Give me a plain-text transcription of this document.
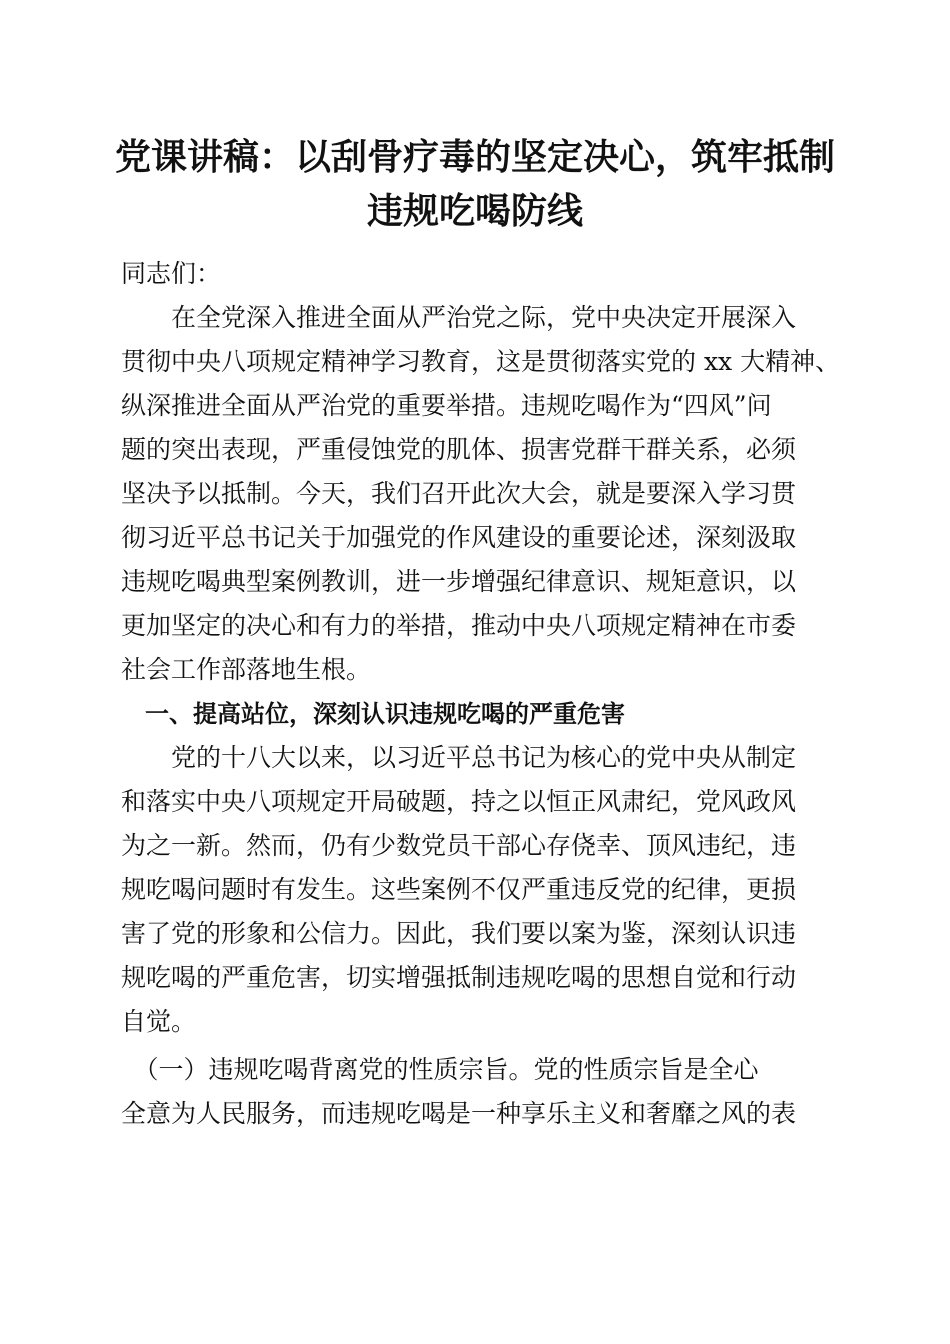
党课讲稿：以刮骨疗毒的坚定决心，筑牢抵制
违规吃喝防线

同志们：

　　在全党深入推进全面从严治党之际，党中央决定开展深入
贯彻中央八项规定精神学习教育，这是贯彻落实党的 xx 大精神、
纵深推进全面从严治党的重要举措。违规吃喝作为“四风”问
题的突出表现，严重侵蚀党的肌体、损害党群干群关系，必须
坚决予以抵制。今天，我们召开此次大会，就是要深入学习贯
彻习近平总书记关于加强党的作风建设的重要论述，深刻汲取
违规吃喝典型案例教训，进一步增强纪律意识、规矩意识，以
更加坚定的决心和有力的举措，推动中央八项规定精神在市委
社会工作部落地生根。

　一、提高站位，深刻认识违规吃喝的严重危害

　　党的十八大以来，以习近平总书记为核心的党中央从制定
和落实中央八项规定开局破题，持之以恒正风肃纪，党风政风
为之一新。然而，仍有少数党员干部心存侥幸、顶风违纪，违
规吃喝问题时有发生。这些案例不仅严重违反党的纪律，更损
害了党的形象和公信力。因此，我们要以案为鉴，深刻认识违
规吃喝的严重危害，切实增强抵制违规吃喝的思想自觉和行动
自觉。

　（一）违规吃喝背离党的性质宗旨。党的性质宗旨是全心
全意为人民服务，而违规吃喝是一种享乐主义和奢靡之风的表
